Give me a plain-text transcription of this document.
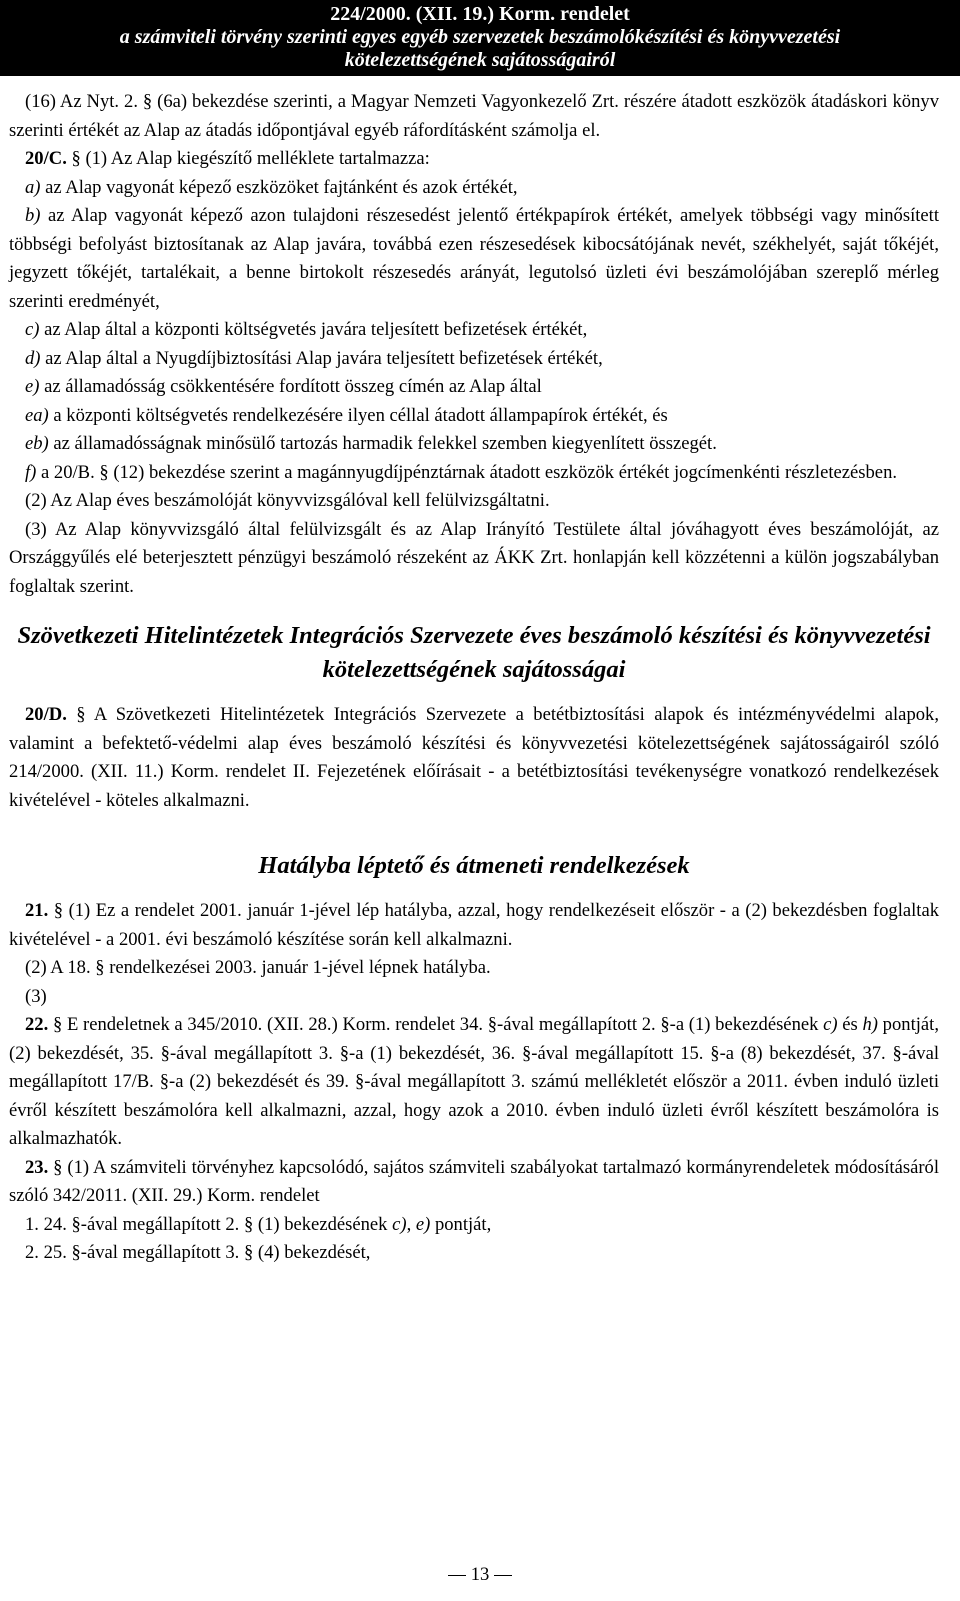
224/2000. (XII. 19.) Korm. rendelet
a számviteli törvény szerinti egyes egyéb szervezetek beszámolókészítési és könyvvezetési
kötelezettségének sajátosságairól

(16) Az Nyt. 2. § (6a) bekezdése szerinti, a Magyar Nemzeti Vagyonkezelő Zrt. részére átadott eszközök átadáskori könyv szerinti értékét az Alap az átadás időpontjával egyéb ráfordításként számolja el.

20/C. § (1) Az Alap kiegészítő melléklete tartalmazza:

a) az Alap vagyonát képező eszközöket fajtánként és azok értékét,

b) az Alap vagyonát képező azon tulajdoni részesedést jelentő értékpapírok értékét, amelyek többségi vagy minősített többségi befolyást biztosítanak az Alap javára, továbbá ezen részesedések kibocsátójának nevét, székhelyét, saját tőkéjét, jegyzett tőkéjét, tartalékait, a benne birtokolt részesedés arányát, legutolsó üzleti évi beszámolójában szereplő mérleg szerinti eredményét,

c) az Alap által a központi költségvetés javára teljesített befizetések értékét,

d) az Alap által a Nyugdíjbiztosítási Alap javára teljesített befizetések értékét,

e) az államadósság csökkentésére fordított összeg címén az Alap által

ea) a központi költségvetés rendelkezésére ilyen céllal átadott állampapírok értékét, és

eb) az államadósságnak minősülő tartozás harmadik felekkel szemben kiegyenlített összegét.

f) a 20/B. § (12) bekezdése szerint a magánnyugdíjpénztárnak átadott eszközök értékét jogcímenkénti részletezésben.

(2) Az Alap éves beszámolóját könyvvizsgálóval kell felülvizsgáltatni.

(3) Az Alap könyvvizsgáló által felülvizsgált és az Alap Irányító Testülete által jóváhagyott éves beszámolóját, az Országgyűlés elé beterjesztett pénzügyi beszámoló részeként az ÁKK Zrt. honlapján kell közzétenni a külön jogszabályban foglaltak szerint.

Szövetkezeti Hitelintézetek Integrációs Szervezete éves beszámoló készítési és könyvvezetési kötelezettségének sajátosságai

20/D. § A Szövetkezeti Hitelintézetek Integrációs Szervezete a betétbiztosítási alapok és intézményvédelmi alapok, valamint a befektető-védelmi alap éves beszámoló készítési és könyvvezetési kötelezettségének sajátosságairól szóló 214/2000. (XII. 11.) Korm. rendelet II. Fejezetének előírásait - a betétbiztosítási tevékenységre vonatkozó rendelkezések kivételével - köteles alkalmazni.

Hatályba léptető és átmeneti rendelkezések

21. § (1) Ez a rendelet 2001. január 1-jével lép hatályba, azzal, hogy rendelkezéseit először - a (2) bekezdésben foglaltak kivételével - a 2001. évi beszámoló készítése során kell alkalmazni.

(2) A 18. § rendelkezései 2003. január 1-jével lépnek hatályba.

(3)

22. § E rendeletnek a 345/2010. (XII. 28.) Korm. rendelet 34. §-ával megállapított 2. §-a (1) bekezdésének c) és h) pontját, (2) bekezdését, 35. §-ával megállapított 3. §-a (1) bekezdését, 36. §-ával megállapított 15. §-a (8) bekezdését, 37. §-ával megállapított 17/B. §-a (2) bekezdését és 39. §-ával megállapított 3. számú mellékletét először a 2011. évben induló üzleti évről készített beszámolóra kell alkalmazni, azzal, hogy azok a 2010. évben induló üzleti évről készített beszámolóra is alkalmazhatók.

23. § (1) A számviteli törvényhez kapcsolódó, sajátos számviteli szabályokat tartalmazó kormányrendeletek módosításáról szóló 342/2011. (XII. 29.) Korm. rendelet

1. 24. §-ával megállapított 2. § (1) bekezdésének c), e) pontját,

2. 25. §-ával megállapított 3. § (4) bekezdését,

13
